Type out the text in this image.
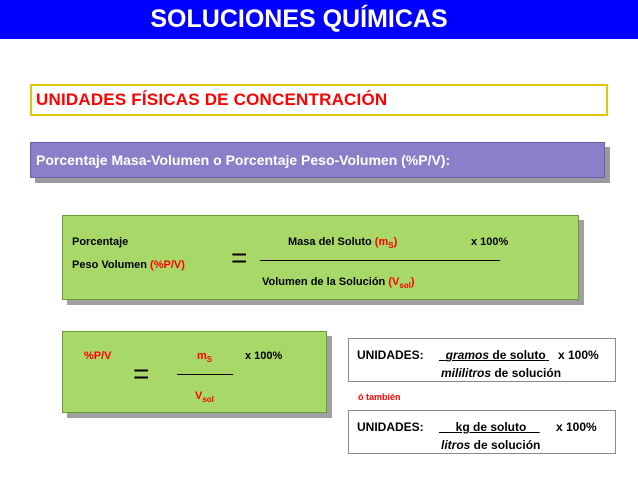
SOLUCIONES QUÍMICAS
UNIDADES FÍSICAS DE CONCENTRACIÓN
Porcentaje Masa-Volumen o Porcentaje Peso-Volumen (%P/V):
Porcentaje
Peso Volumen (%P/V) =	Masa del Soluto $(m_S)$	x 100%
Volumen de la Solución $(V_{sol})$
%P/V
=
$m_S$	x 100%
$V_{sol}$
UNIDADES:	gramos de soluto x 100%
mililitros de solución
ó también
UNIDADES:	kg de soluto	x 100%
litros de solución
